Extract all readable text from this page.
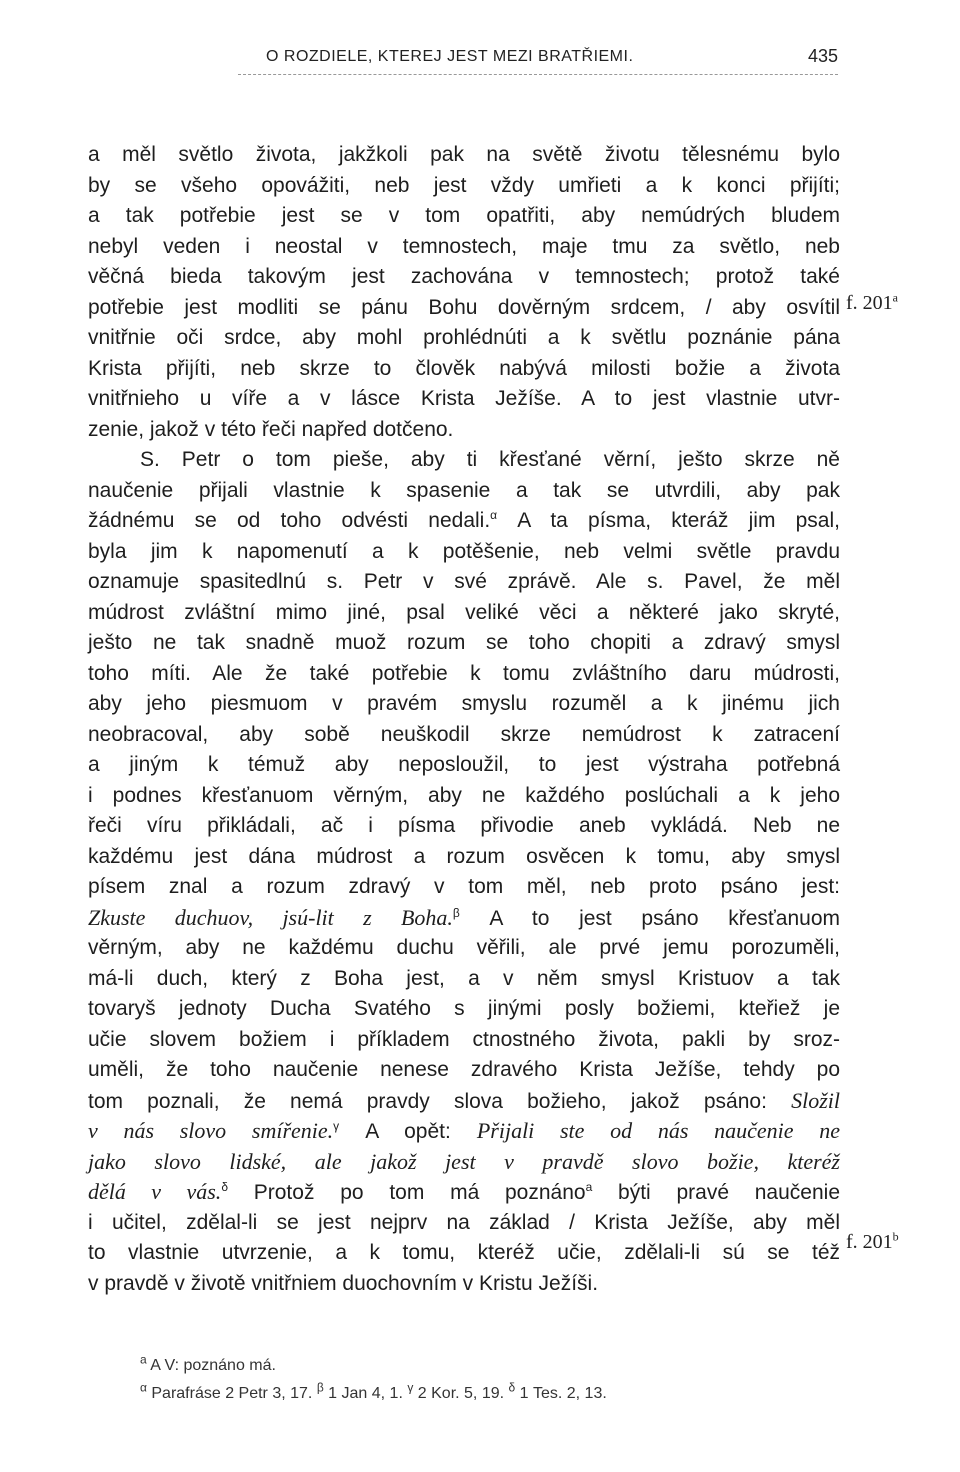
O ROZDIELE, KTEREJ JEST MEZI BRATŘIEMI.	435
a měl světlo života, jakžkoli pak na světě životu tělesnému bylo
by se všeho opovážiti, neb jest vždy umřieti a k konci přijíti;
a tak potřebie jest se v tom opatřiti, aby nemúdrých bludem
nebyl veden i neostal v temnostech, maje tmu za světlo, neb
věčná bieda takovým jest zachována v temnostech; protož také
potřebie jest modliti se pánu Bohu dověrným srdcem, / aby osvítil
vnitřnie oči srdce, aby mohl prohlédnúti a k světlu poznánie pána
Krista přijíti, neb skrze to člověk nabývá milosti božie a života
vnitřnieho u víře a v lásce Krista Ježíše. A to jest vlastnie utvr-
zenie, jakož v této řeči napřed dotčeno.
S. Petr o tom pieše, aby ti křesťané věrní, ješto skrze ně
naučenie přijali vlastnie k spasenie a tak se utvrdili, aby pak
žádnému se od toho odvésti nedali.$^\alpha$ A ta písma, kteráž jim psal,
byla jim k napomenutí a k potěšenie, neb velmi světle pravdu
oznamuje spasitedlnú s. Petr v své zprávě. Ale s. Pavel, že měl
múdrost zvláštní mimo jiné, psal veliké věci a některé jako skryté,
ješto ne tak snadně muož rozum se toho chopiti a zdravý smysl
toho míti. Ale že také potřebie k tomu zvláštního daru múdrosti,
aby jeho piesmuom v pravém smyslu rozuměl a k jinému jich
neobracoval, aby sobě neuškodil skrze nemúdrost k zatracení
a jiným k témuž aby neposloužil, to jest výstraha potřebná
i podnes křesťanuom věrným, aby ne každého poslúchali a k jeho
řeči víru přikládali, ač i písma přivodie aneb vykládá. Neb ne
každému jest dána múdrost a rozum osvěcen k tomu, aby smysl
písem znal a rozum zdravý v tom měl, neb proto psáno jest:
Zkuste duchuov, jsú-lit z Boha.$^\beta$ A to jest psáno křesťanuom
věrným, aby ne každému duchu věřili, ale prvé jemu porozuměli,
má-li duch, který z Boha jest, a v něm smysl Kristuov a tak
tovaryš jednoty Ducha Svatého s jinými posly božiemi, kteřiež je
učie slovem božiem i příkladem ctnostného života, pakli by sroz-
uměli, že toho naučenie nenese zdravého Krista Ježíše, tehdy po
tom poznali, že nemá pravdy slova božieho, jakož psáno: Složil
v nás slovo smířenie.$^\gamma$ A opět: Přijali ste od nás naučenie ne
jako slovo lidské, ale jakož jest v pravdě slovo božie, kteréž
dělá v vás.$^\delta$ Protož po tom má poznáno$^a$ býti pravé naučenie
i učitel, zdělal-li se jest nejprv na základ / Krista Ježíše, aby měl
to vlastnie utvrzenie, a k tomu, kteréž učie, zdělali-li sú se též
v pravdě v životě vnitřniem duochovním v Kristu Ježíši.
f. 201$^a$
f. 201$^b$
$^a$ A V: poznáno má.
$^\alpha$ Parafráse 2 Petr 3, 17. $^\beta$ 1 Jan 4, 1. $^\gamma$ 2 Kor. 5, 19. $^\delta$ 1 Tes. 2, 13.
